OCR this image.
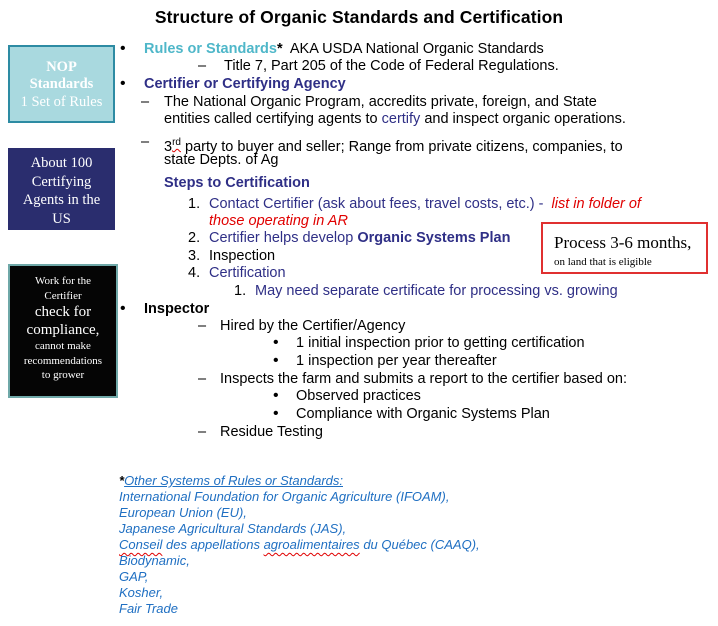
Structure of Organic Standards and Certification
NOP
Standards
1 Set of Rules
About 100
Certifying
Agents in the
US
Work for the
Certifier
check for
compliance,
cannot make
recommendations
to grower
Process 3-6 months,
on land that is eligible
• Rules or Standards* AKA USDA National Organic Standards
– Title 7, Part 205 of the Code of Federal Regulations.
• Certifier or Certifying Agency
– The National Organic Program, accredits private, foreign, and State
entities called certifying agents to certify and inspect organic operations.
– 3rd party to buyer and seller; Range from private citizens, companies, to
state Depts. of Ag
Steps to Certification
1. Contact Certifier (ask about fees, travel costs, etc.) - list in folder of
those operating in AR
2. Certifier helps develop Organic Systems Plan
3. Inspection
4. Certification
1. May need separate certificate for processing vs. growing
• Inspector
– Hired by the Certifier/Agency
• 1 initial inspection prior to getting certification
• 1 inspection per year thereafter
– Inspects the farm and submits a report to the certifier based on:
• Observed practices
• Compliance with Organic Systems Plan
– Residue Testing
*Other Systems of Rules or Standards:
International Foundation for Organic Agriculture (IFOAM),
European Union (EU),
Japanese Agricultural Standards (JAS),
Conseil des appellations agroalimentaires du Québec (CAAQ),
Biodynamic,
GAP,
Kosher,
Fair Trade
